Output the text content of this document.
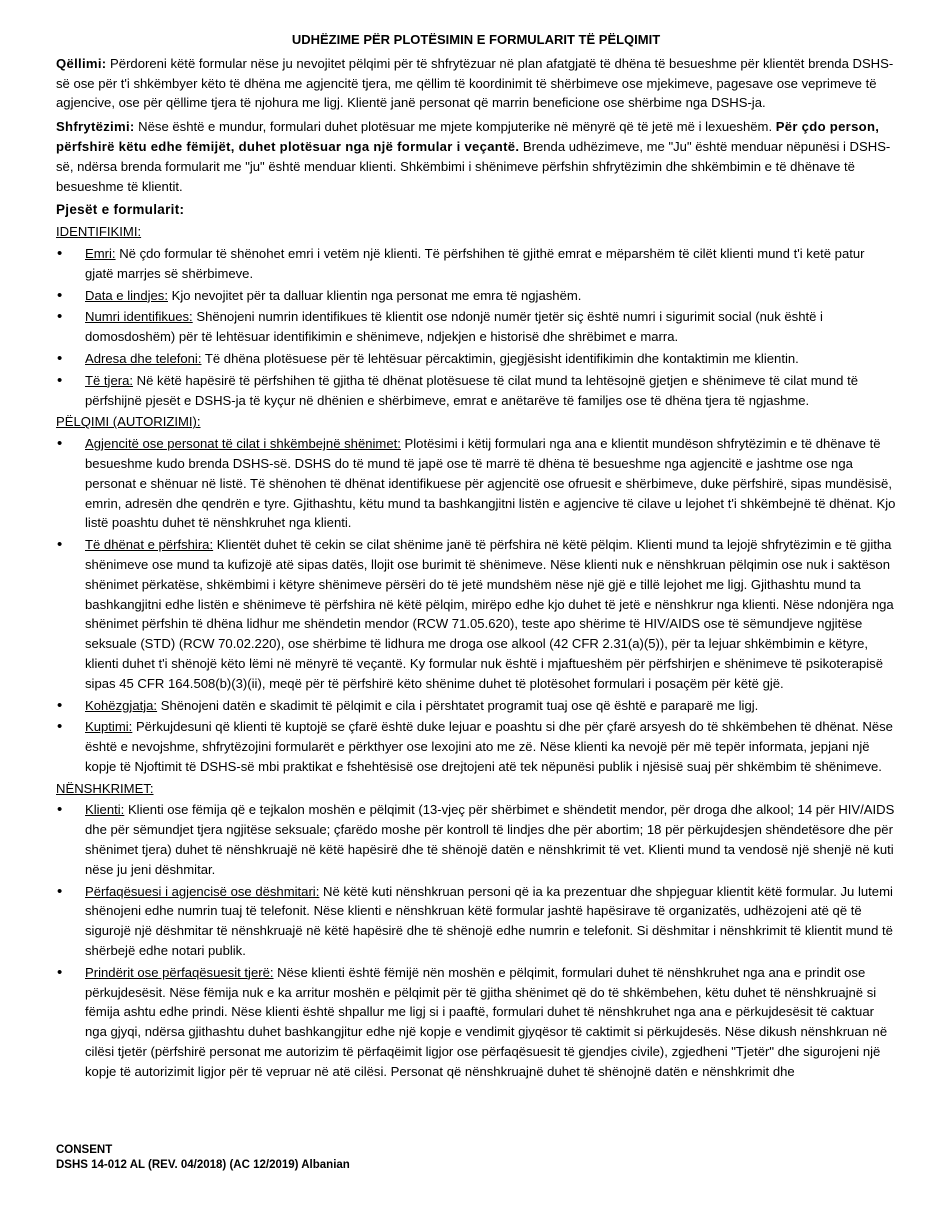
UDHËZIME PËR PLOTËSIMIN E FORMULARIT TË PËLQIMIT

Qëllimi: Përdoreni këtë formular nëse ju nevojitet pëlqimi për të shfrytëzuar në plan afatgjatë të dhëna të besueshme për klientët brenda DSHS-së ose për t'i shkëmbyer këto të dhëna me agjencitë tjera, me qëllim të koordinimit të shërbimeve ose mjekimeve, pagesave ose veprimeve të agjencive, ose për qëllime tjera të njohura me ligj. Klientë janë personat që marrin beneficione ose shërbime nga DSHS-ja.

Shfrytëzimi: Nëse është e mundur, formulari duhet plotësuar me mjete kompjuterike në mënyrë që të jetë më i lexueshëm. Për çdo person, përfshirë këtu edhe fëmijët, duhet plotësuar nga një formular i veçantë. Brenda udhëzimeve, me "Ju" është menduar nëpunësi i DSHS-së, ndërsa brenda formularit me "ju" është menduar klienti. Shkëmbimi i shënimeve përfshin shfrytëzimin dhe shkëmbimin e të dhënave të besueshme të klientit.

Pjesët e formularit:
IDENTIFIKIMI:
• Emri: Në çdo formular të shënohet emri i vetëm një klienti. Të përfshihen të gjithë emrat e mëparshëm të cilët klienti mund t'i ketë patur gjatë marrjes së shërbimeve.
• Data e lindjes: Kjo nevojitet për ta dalluar klientin nga personat me emra të ngjashëm.
• Numri identifikues: Shënojeni numrin identifikues të klientit ose ndonjë numër tjetër siç është numri i sigurimit social (nuk është i domosdoshëm) për të lehtësuar identifikimin e shënimeve, ndjekjen e historisë dhe shrëbimet e marra.
• Adresa dhe telefoni: Të dhëna plotësuese për të lehtësuar përcaktimin, gjegjësisht identifikimin dhe kontaktimin me klientin.
• Të tjera: Në këtë hapësirë të përfshihen të gjitha të dhënat plotësuese të cilat mund ta lehtësojnë gjetjen e shënimeve të cilat mund të përfshijnë pjesët e DSHS-ja të kyçur në dhënien e shërbimeve, emrat e anëtarëve të familjes ose të dhëna tjera të ngjashme.
PËLQIMI (AUTORIZIMI):
• Agjencitë ose personat të cilat i shkëmbejnë shënimet: Plotësimi i këtij formulari nga ana e klientit mundëson shfrytëzimin e të dhënave të besueshme kudo brenda DSHS-së. DSHS do të mund të japë ose të marrë të dhëna të besueshme nga agjencitë e jashtme ose nga personat e shënuar në listë. Të shënohen të dhënat identifikuese për agjencitë ose ofruesit e shërbimeve, duke përfshirë, sipas mundësisë, emrin, adresën dhe qendrën e tyre. Gjithashtu, këtu mund ta bashkangjitni listën e agjencive të cilave u lejohet t'i shkëmbejnë të dhënat. Kjo listë poashtu duhet të nënshkruhet nga klienti.
• Të dhënat e përfshira: Klientët duhet të cekin se cilat shënime janë të përfshira në këtë pëlqim. Klienti mund ta lejojë shfrytëzimin e të gjitha shënimeve ose mund ta kufizojë atë sipas datës, llojit ose burimit të shënimeve. Nëse klienti nuk e nënshkruan pëlqimin ose nuk i saktëson shënimet përkatëse, shkëmbimi i këtyre shënimeve përsëri do të jetë mundshëm nëse një gjë e tillë lejohet me ligj. Gjithashtu mund ta bashkangjitni edhe listën e shënimeve të përfshira në këtë pëlqim, mirëpo edhe kjo duhet të jetë e nënshkrur nga klienti. Nëse ndonjëra nga shënimet përfshin të dhëna lidhur me shëndetin mendor (RCW 71.05.620), teste apo shërime të HIV/AIDS ose të sëmundjeve ngjitëse seksuale (STD) (RCW 70.02.220), ose shërbime të lidhura me droga ose alkool (42 CFR 2.31(a)(5)), për ta lejuar shkëmbimin e këtyre, klienti duhet t'i shënojë këto lëmi në mënyrë të veçantë. Ky formular nuk është i mjaftueshëm për përfshirjen e shënimeve të psikoterapisë sipas 45 CFR 164.508(b)(3)(ii), meqë për të përfshirë këto shënime duhet të plotësohet formulari i posaçëm për këtë gjë.
• Kohëzgjatja: Shënojeni datën e skadimit të pëlqimit e cila i përshtatet programit tuaj ose që është e paraparë me ligj.
• Kuptimi: Përkujdesuni që klienti të kuptojë se çfarë është duke lejuar e poashtu si dhe për çfarë arsyesh do të shkëmbehen të dhënat. Nëse është e nevojshme, shfrytëzojini formularët e përkthyer ose lexojini ato me zë. Nëse klienti ka nevojë për më tepër informata, jepjani një kopje të Njoftimit të DSHS-së mbi praktikat e fshehtësisë ose drejtojeni atë tek nëpunësi publik i njësisë suaj për shkëmbim të shënimeve.
NËNSHKRIMET:
• Klienti: Klienti ose fëmija që e tejkalon moshën e pëlqimit (13-vjeç për shërbimet e shëndetit mendor, për droga dhe alkool; 14 për HIV/AIDS dhe për sëmundjet tjera ngjitëse seksuale; çfarëdo moshe për kontroll të lindjes dhe për abortim; 18 për përkujdesjen shëndetësore dhe për shënimet tjera) duhet të nënshkruajë në këtë hapësirë dhe të shënojë datën e nënshkrimit të vet. Klienti mund ta vendosë një shenjë në kuti nëse ju jeni dëshmitar.
• Përfaqësuesi i agjencisë ose dëshmitari: Në këtë kuti nënshkruan personi që ia ka prezentuar dhe shpjeguar klientit këtë formular. Ju lutemi shënojeni edhe numrin tuaj të telefonit. Nëse klienti e nënshkruan këtë formular jashtë hapësirave të organizatës, udhëzojeni atë që të sigurojë një dëshmitar të nënshkruajë në këtë hapësirë dhe të shënojë edhe numrin e telefonit. Si dëshmitar i nënshkrimit të klientit mund të shërbejë edhe notari publik.
• Prindërit ose përfaqësuesit tjerë: Nëse klienti është fëmijë nën moshën e pëlqimit, formulari duhet të nënshkruhet nga ana e prindit ose përkujdesësit. Nëse fëmija nuk e ka arritur moshën e pëlqimit për të gjitha shënimet që do të shkëmbehen, këtu duhet të nënshkruajnë si fëmija ashtu edhe prindi. Nëse klienti është shpallur me ligj si i paaftë, formulari duhet të nënshkruhet nga ana e përkujdesësit të caktuar nga gjyqi, ndërsa gjithashtu duhet bashkangjitur edhe një kopje e vendimit gjyqësor të caktimit si përkujdesës. Nëse dikush nënshkruan në cilësi tjetër (përfshirë personat me autorizim të përfaqëimit ligjor ose përfaqësuesit të gjendjes civile), zgjedheni "Tjetër" dhe sigurojeni një kopje të autorizimit ligjor për të vepruar në atë cilësi. Personat që nënshkruajnë duhet të shënojnë datën e nënshkrimit dhe
CONSENT
DSHS 14-012 AL (REV. 04/2018) (AC 12/2019) Albanian
